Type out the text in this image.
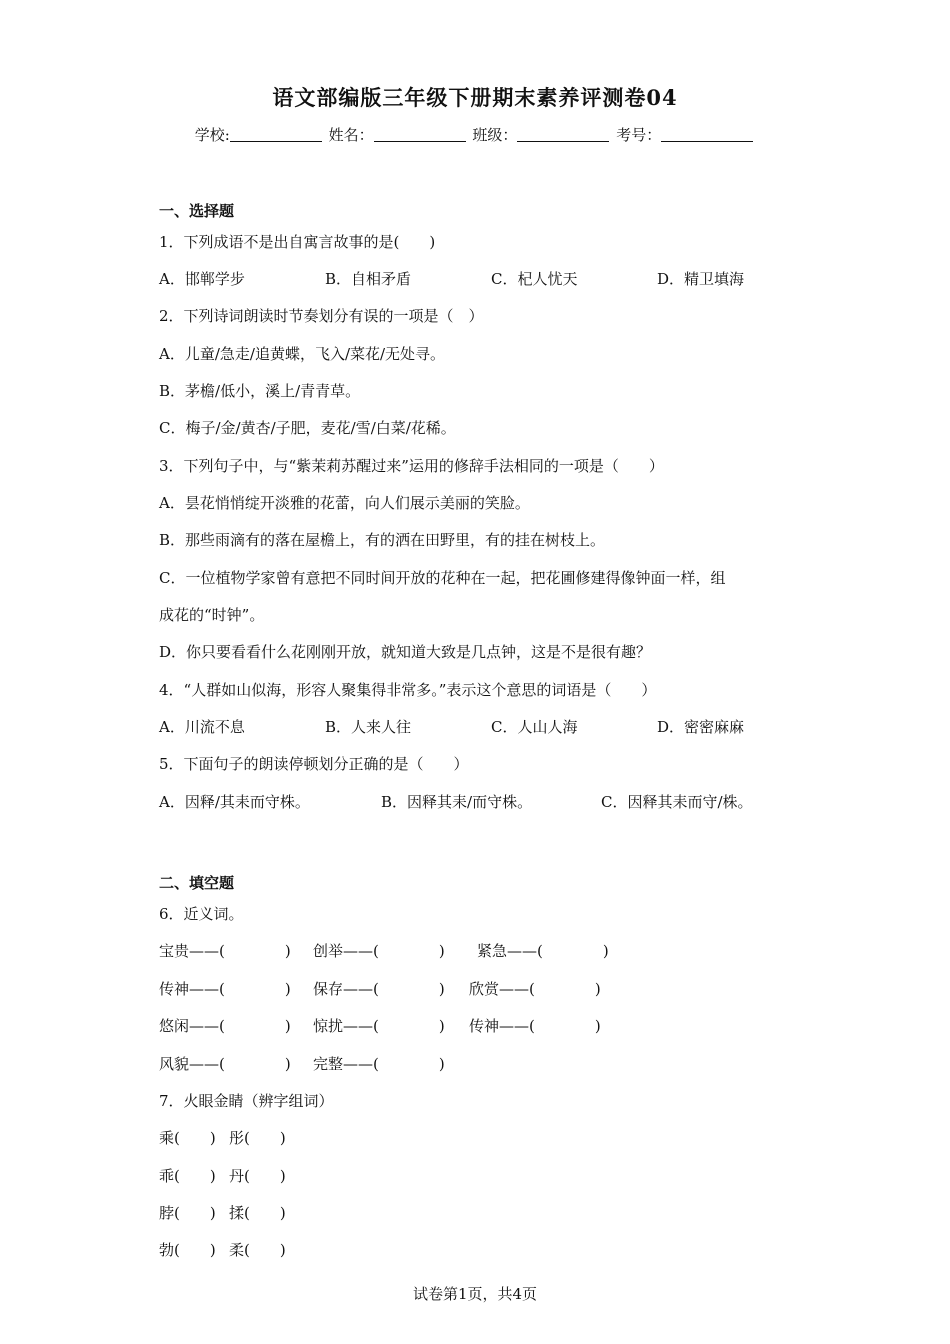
语文部编版三年级下册期末素养评测卷04
学校:	姓名：	班级：	考号：
一、选择题
1．下列成语不是出自寓言故事的是(　　)
A．邯郸学步	B．自相矛盾	C．杞人忧天	D．精卫填海
2．下列诗词朗读时节奏划分有误的一项是（　）
A．儿童/急走/追黄蝶，飞入/菜花/无处寻。
B．茅檐/低小，溪上/青青草。
C．梅子/金/黄杏/子肥，麦花/雪/白菜/花稀。
3．下列句子中，与“紫茉莉苏醒过来”运用的修辞手法相同的一项是（　　）
A．昙花悄悄绽开淡雅的花蕾，向人们展示美丽的笑脸。
B．那些雨滴有的落在屋檐上，有的洒在田野里，有的挂在树枝上。
C．一位植物学家曾有意把不同时间开放的花种在一起，把花圃修建得像钟面一样，组
成花的“时钟”。
D．你只要看看什么花刚刚开放，就知道大致是几点钟，这是不是很有趣？
4．“人群如山似海，形容人聚集得非常多。”表示这个意思的词语是（　　）
A．川流不息	B．人来人往	C．人山人海	D．密密麻麻
5．下面句子的朗读停顿划分正确的是（　　）
A．因释/其耒而守株。	B．因释其耒/而守株。	C．因释其耒而守/株。
二、填空题
6．近义词。
宝贵——(　　　　) 创举——(　　　　) 紧急——(　　　　)
传神——(　　　　) 保存——(　　　　) 欣赏——(　　　　)
悠闲——(　　　　) 惊扰——(　　　　) 传神——(　　　　)
风貌——(　　　　) 完整——(　　　　)
7．火眼金睛（辨字组词）
乘(　　) 彤(　　)
乖(　　) 丹(　　)
脖(　　) 揉(　　)
勃(　　) 柔(　　)
试卷第1页，共4页
